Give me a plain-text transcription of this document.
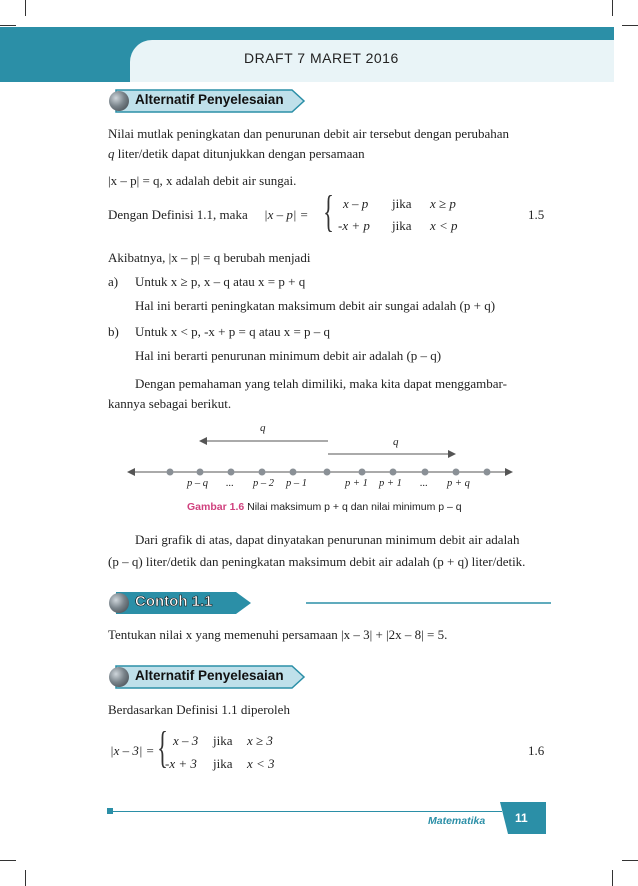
DRAFT 7 MARET 2016
Alternatif Penyelesaian

Nilai mutlak peningkatan dan penurunan debit air tersebut dengan perubahan

q liter/detik dapat ditunjukkan dengan persamaan

|x – p| = q, x adalah debit air sungai.

Dengan Definisi 1.1, maka |x – p| = { x – p jika x ≥ p

-x + p jika x < p

1.5

Akibatnya, |x – p| = q berubah menjadi

a) Untuk x ≥ p, x – q atau x = p + q

Hal ini berarti peningkatan maksimum debit air sungai adalah (p + q)

b) Untuk x < p, -x + p = q atau x = p – q

Hal ini berarti penurunan minimum debit air adalah (p – q)

Dengan pemahaman yang telah dimiliki, maka kita dapat menggambar-

kannya sebagai berikut.

q

q

p – q ... p – 2 p – 1	p + 1 p + 1 ... p + q
Gambar 1.6 Nilai maksimum p + q dan nilai minimum p – q

Dari grafik di atas, dapat dinyatakan penurunan minimum debit air adalah

(p – q) liter/detik dan peningkatan maksimum debit air adalah (p + q) liter/detik.

Contoh 1.1

Tentukan nilai x yang memenuhi persamaan |x – 3| + |2x – 8| = 5.

Alternatif Penyelesaian

Berdasarkan Definisi 1.1 diperoleh

|x – 3| = { x – 3 jika x ≥ 3

-x + 3 jika x < 3

1.6

Matematika 11
